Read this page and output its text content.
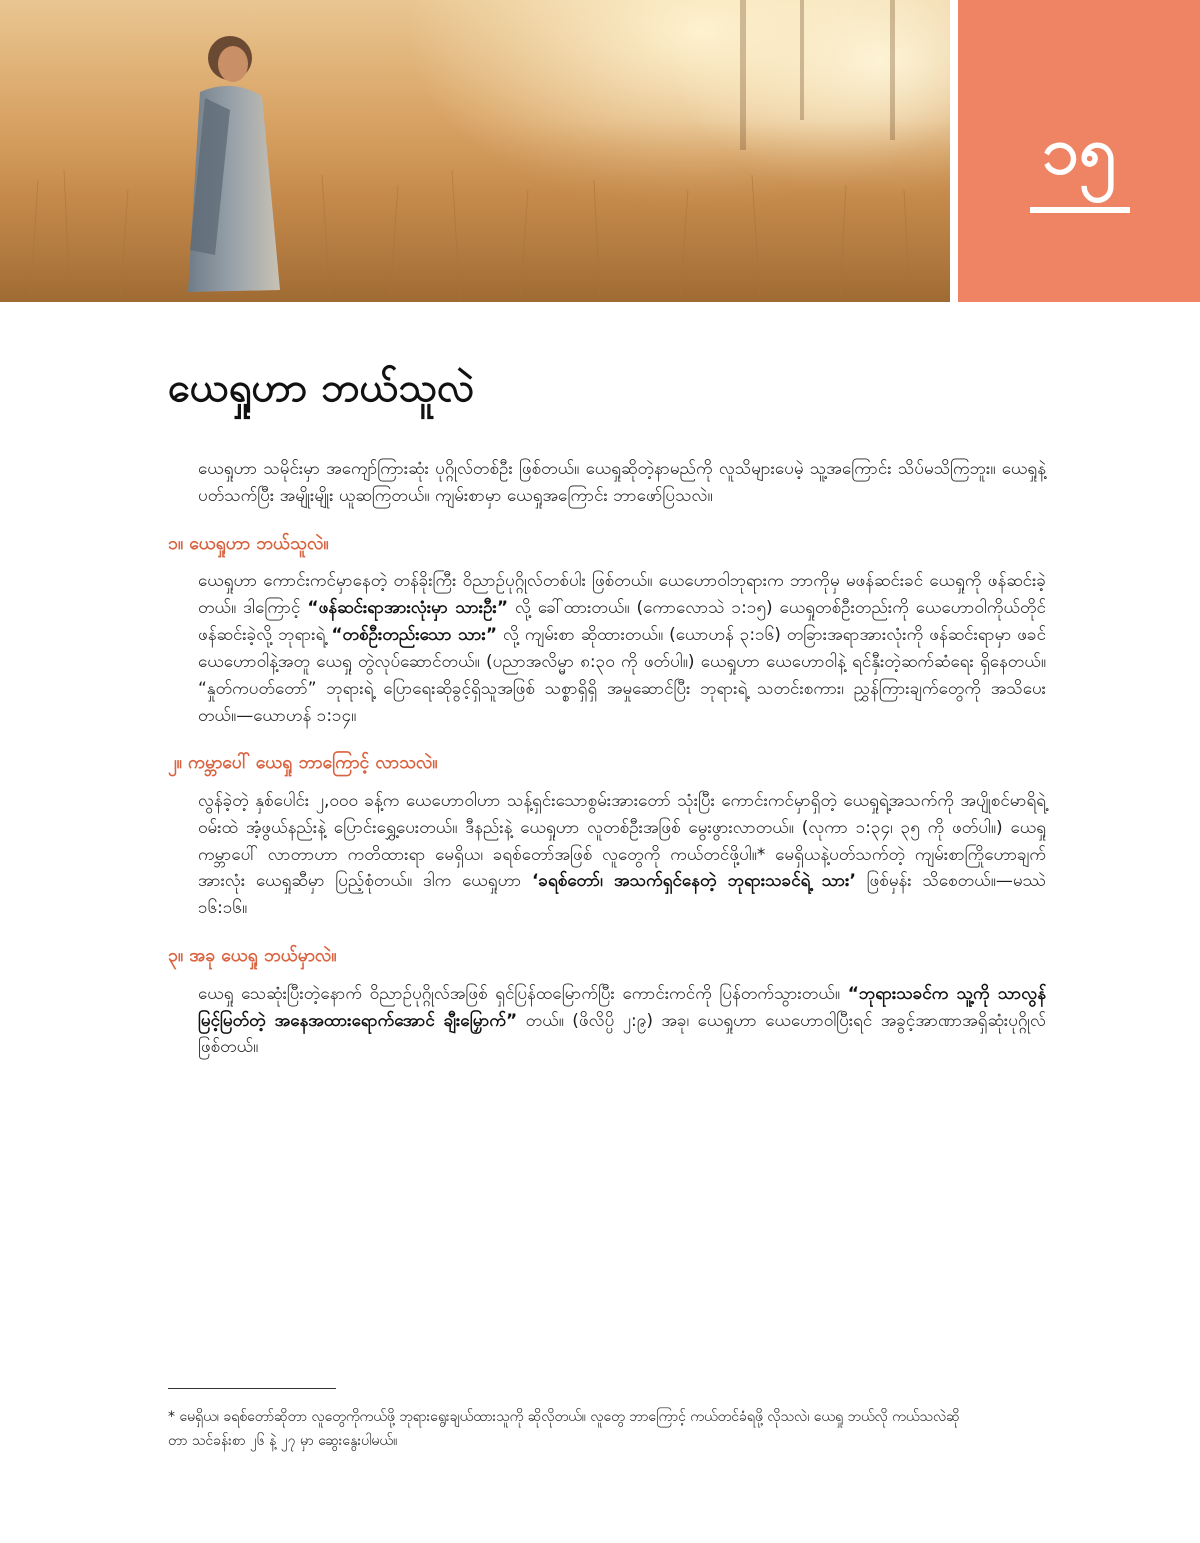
၁၅
ယေရှုဟာ ဘယ်သူလဲ

ယေရှုဟာ သမိုင်းမှာ အကျော်ကြားဆုံး ပုဂ္ဂိုလ်တစ်ဦး ဖြစ်တယ်။ ယေရှုဆိုတဲ့နာမည်ကို လူသိများပေမဲ့ သူ့အကြောင်း သိပ်မသိကြဘူး။ ယေရှုနဲ့ပတ်သက်ပြီး အမျိုးမျိုး ယူဆကြတယ်။ ကျမ်းစာမှာ ယေရှုအကြောင်း ဘာဖော်ပြသလဲ။

၁။ ယေရှုဟာ ဘယ်သူလဲ။

ယေရှုဟာ ကောင်းကင်မှာနေတဲ့ တန်ခိုးကြီး ဝိညာဉ်ပုဂ္ဂိုလ်တစ်ပါး ဖြစ်တယ်။ ယေဟောဝါဘုရားက ဘာကိုမှ မဖန်ဆင်းခင် ယေရှုကို ဖန်ဆင်းခဲ့တယ်။ ဒါကြောင့် “ဖန်ဆင်းရာအားလုံးမှာ သားဦး” လို့ ခေါ်ထားတယ်။ (ကောလောသဲ ၁:၁၅) ယေရှုတစ်ဦးတည်းကို ယေဟောဝါကိုယ်တိုင် ဖန်ဆင်းခဲ့လို့ ဘုရားရဲ့ “တစ်ဦးတည်းသော သား” လို့ ကျမ်းစာ ဆိုထားတယ်။ (ယောဟန် ၃:၁၆) တခြားအရာအားလုံးကို ဖန်ဆင်းရာမှာ ဖခင်ယေဟောဝါနဲ့အတူ ယေရှု တွဲလုပ်ဆောင်တယ်။ (ပညာအလိမ္မာ ၈:၃၀ ကို ဖတ်ပါ။) ယေရှုဟာ ယေဟောဝါနဲ့ ရင်နှီးတဲ့ဆက်ဆံရေး ရှိနေတယ်။ “နှုတ်ကပတ်တော်” ဘုရားရဲ့ ပြောရေးဆိုခွင့်ရှိသူအဖြစ် သစ္စာရှိရှိ အမှုဆောင်ပြီး ဘုရားရဲ့ သတင်းစကား၊ ညွှန်ကြားချက်တွေကို အသိပေးတယ်။—ယောဟန် ၁:၁၄။

၂။ ကမ္ဘာပေါ် ယေရှု ဘာကြောင့် လာသလဲ။

လွန်ခဲ့တဲ့ နှစ်ပေါင်း ၂,၀၀၀ ခန့်က ယေဟောဝါဟာ သန့်ရှင်းသောစွမ်းအားတော် သုံးပြီး ကောင်းကင်မှာရှိတဲ့ ယေရှုရဲ့အသက်ကို အပျိုစင်မာရိရဲ့ ဝမ်းထဲ အံ့ဖွယ်နည်းနဲ့ ပြောင်းရွှေ့ပေးတယ်။ ဒီနည်းနဲ့ ယေရှုဟာ လူတစ်ဦးအဖြစ် မွေးဖွားလာတယ်။ (လုကာ ၁:၃၄၊ ၃၅ ကို ဖတ်ပါ။) ယေရှု ကမ္ဘာပေါ် လာတာဟာ ကတိထားရာ မေရှိယ၊ ခရစ်တော်အဖြစ် လူတွေကို ကယ်တင်ဖို့ပါ။* မေရှိယနဲ့ပတ်သက်တဲ့ ကျမ်းစာကြိုဟောချက်အားလုံး ယေရှုဆီမှာ ပြည့်စုံတယ်။ ဒါက ယေရှုဟာ ‘ခရစ်တော်၊ အသက်ရှင်နေတဲ့ ဘုရားသခင်ရဲ့ သား’ ဖြစ်မှန်း သိစေတယ်။—မဿဲ ၁၆:၁၆။

၃။ အခု ယေရှု ဘယ်မှာလဲ။

ယေရှု သေဆုံးပြီးတဲ့နောက် ဝိညာဉ်ပုဂ္ဂိုလ်အဖြစ် ရှင်ပြန်ထမြောက်ပြီး ကောင်းကင်ကို ပြန်တက်သွားတယ်။ “ဘုရားသခင်က သူ့ကို သာလွန်မြင့်မြတ်တဲ့ အနေအထားရောက်အောင် ချီးမြှောက်” တယ်။ (ဖိလိပ္ပိ ၂:၉) အခု၊ ယေရှုဟာ ယေဟောဝါပြီးရင် အခွင့်အာဏာအရှိဆုံးပုဂ္ဂိုလ် ဖြစ်တယ်။

* မေရှိယ၊ ခရစ်တော်ဆိုတာ လူတွေကိုကယ်ဖို့ ဘုရားရွေးချယ်ထားသူကို ဆိုလိုတယ်။ လူတွေ ဘာကြောင့် ကယ်တင်ခံရဖို့ လိုသလဲ၊ ယေရှု ဘယ်လို ကယ်သလဲဆိုတာ သင်ခန်းစာ ၂၆ နဲ့ ၂၇ မှာ ဆွေးနွေးပါမယ်။
